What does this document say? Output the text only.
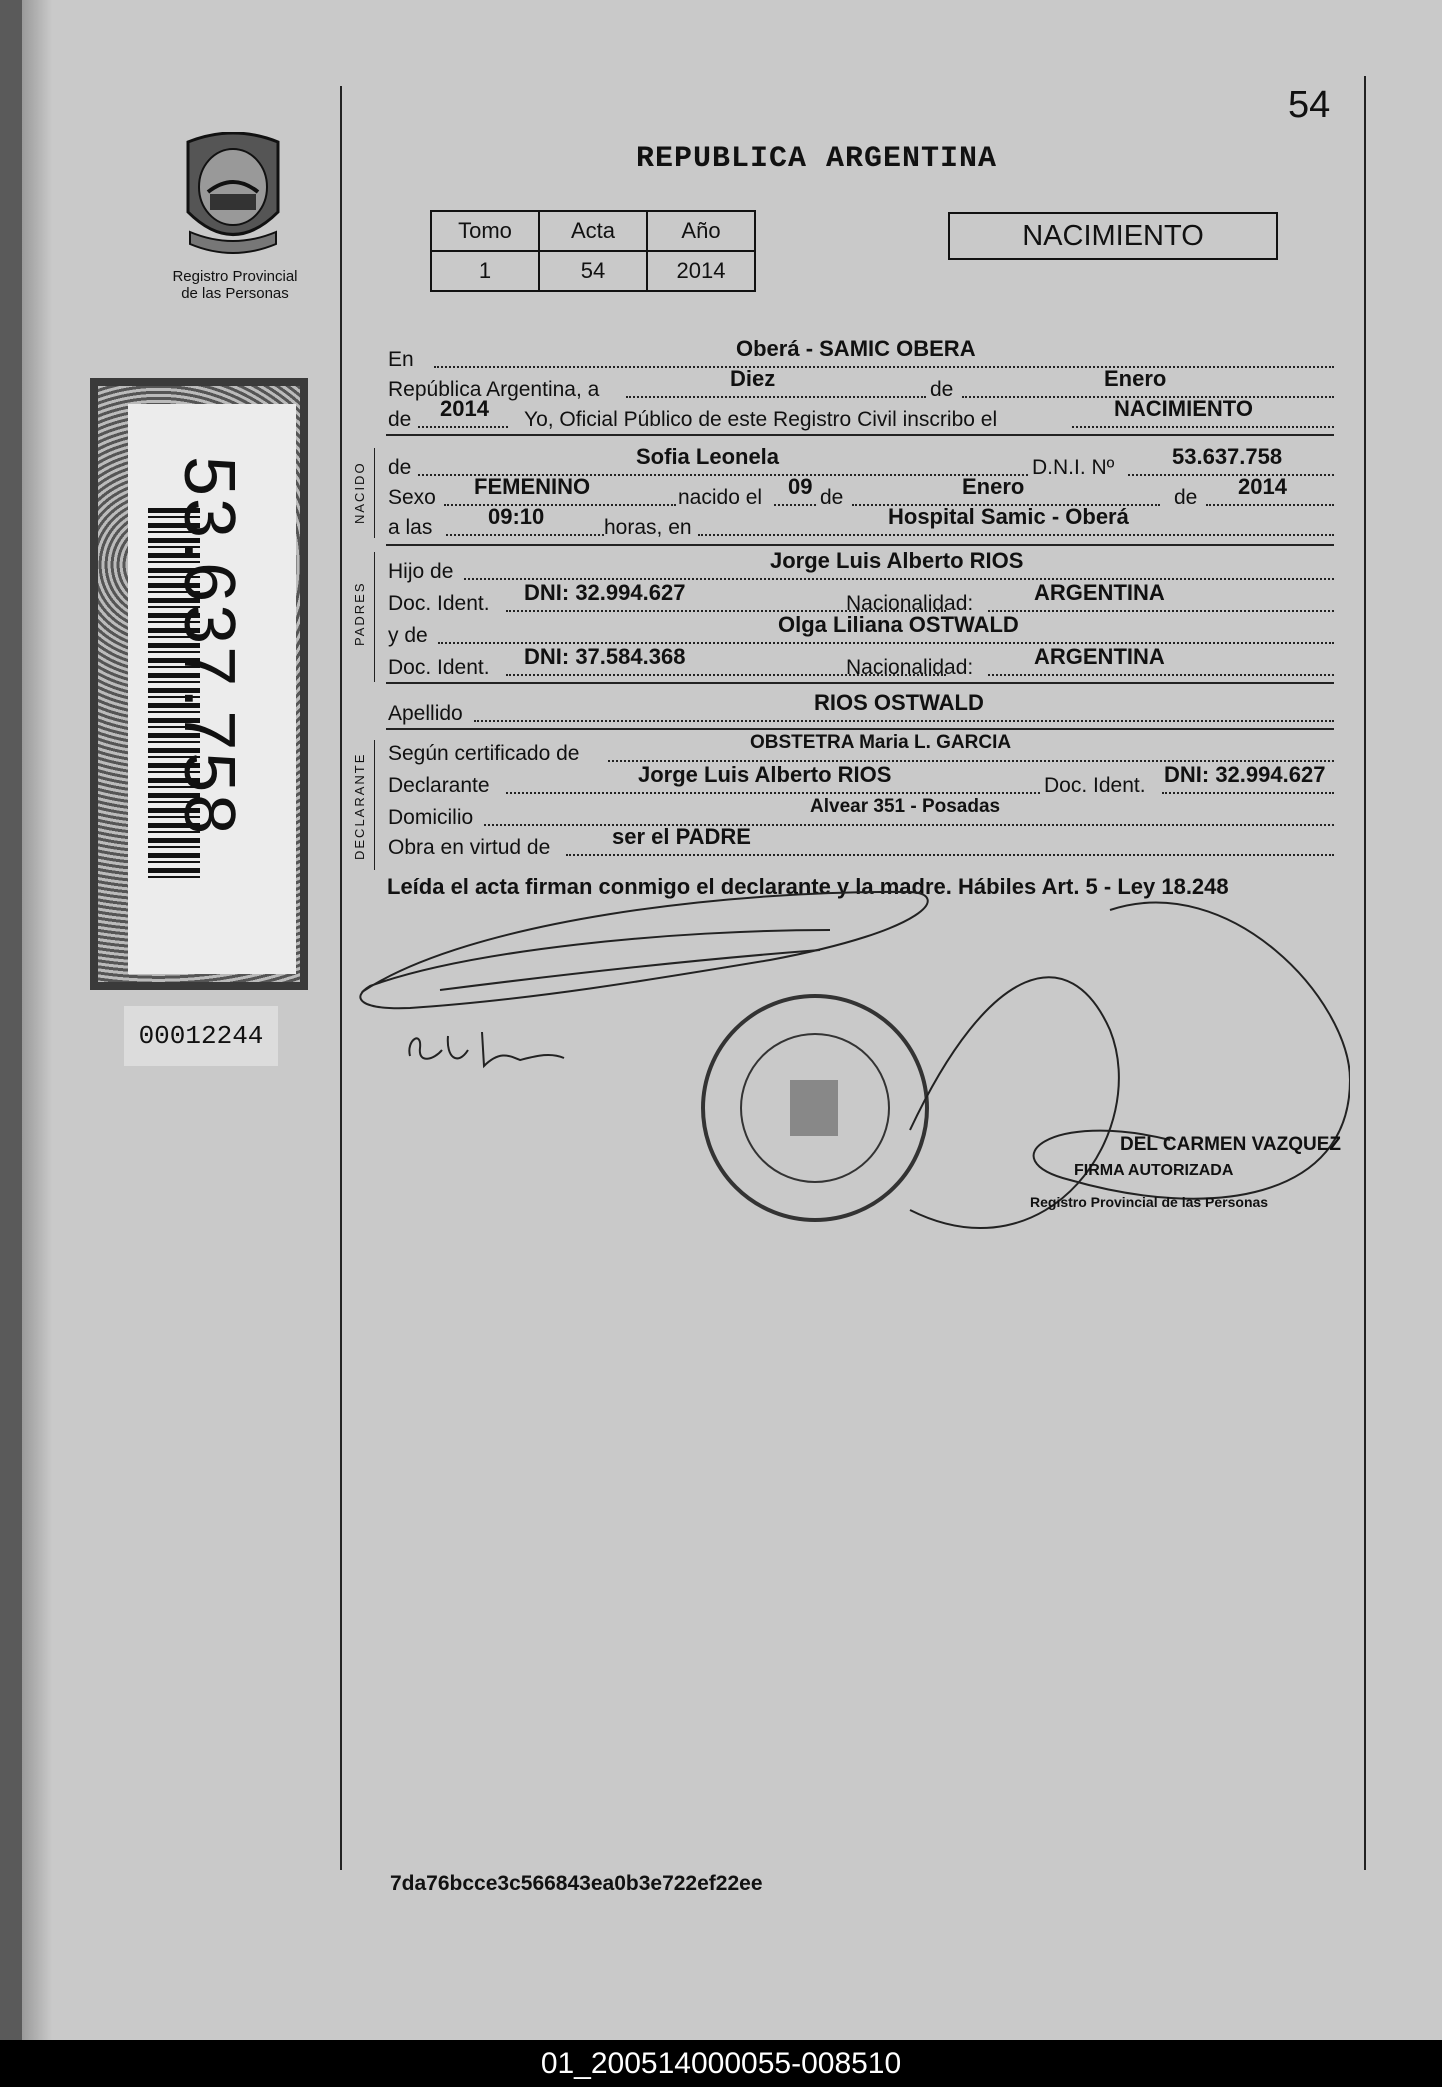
54
REPUBLICA ARGENTINA
Registro Provincial
de las Personas
Tomo	Acta	Año
1	54	2014
NACIMIENTO
53.637.758
00012244
NACIDO
PADRES
DECLARANTE
En	Oberá - SAMIC OBERA
República Argentina, a	Diez	de	Enero
de 2014 Yo, Oficial Público de este Registro Civil inscribo el	NACIMIENTO
de	Sofia Leonela	D.N.I. Nº	53.637.758
Sexo FEMENINO	nacido el 09 de	Enero	de 2014
a las	09:10	horas, en	Hospital Samic - Oberá
Hijo de	Jorge Luis Alberto RIOS
Doc. Ident. DNI: 32.994.627	Nacionalidad:	ARGENTINA
y de	Olga Liliana OSTWALD
Doc. Ident. DNI: 37.584.368	Nacionalidad:	ARGENTINA
Apellido	RIOS OSTWALD
Según certificado de	OBSTETRA Maria L. GARCIA
Declarante	Jorge Luis Alberto RIOS	Doc. Ident. DNI: 32.994.627
Domicilio	Alvear 351 - Posadas
Obra en virtud de	ser el PADRE
Leída el acta firman conmigo el declarante y la madre. Hábiles Art. 5 - Ley 18.248
DEL CARMEN VAZQUEZ
FIRMA AUTORIZADA
Registro Provincial de las Personas
7da76bcce3c566843ea0b3e722ef22ee
01_200514000055-008510
